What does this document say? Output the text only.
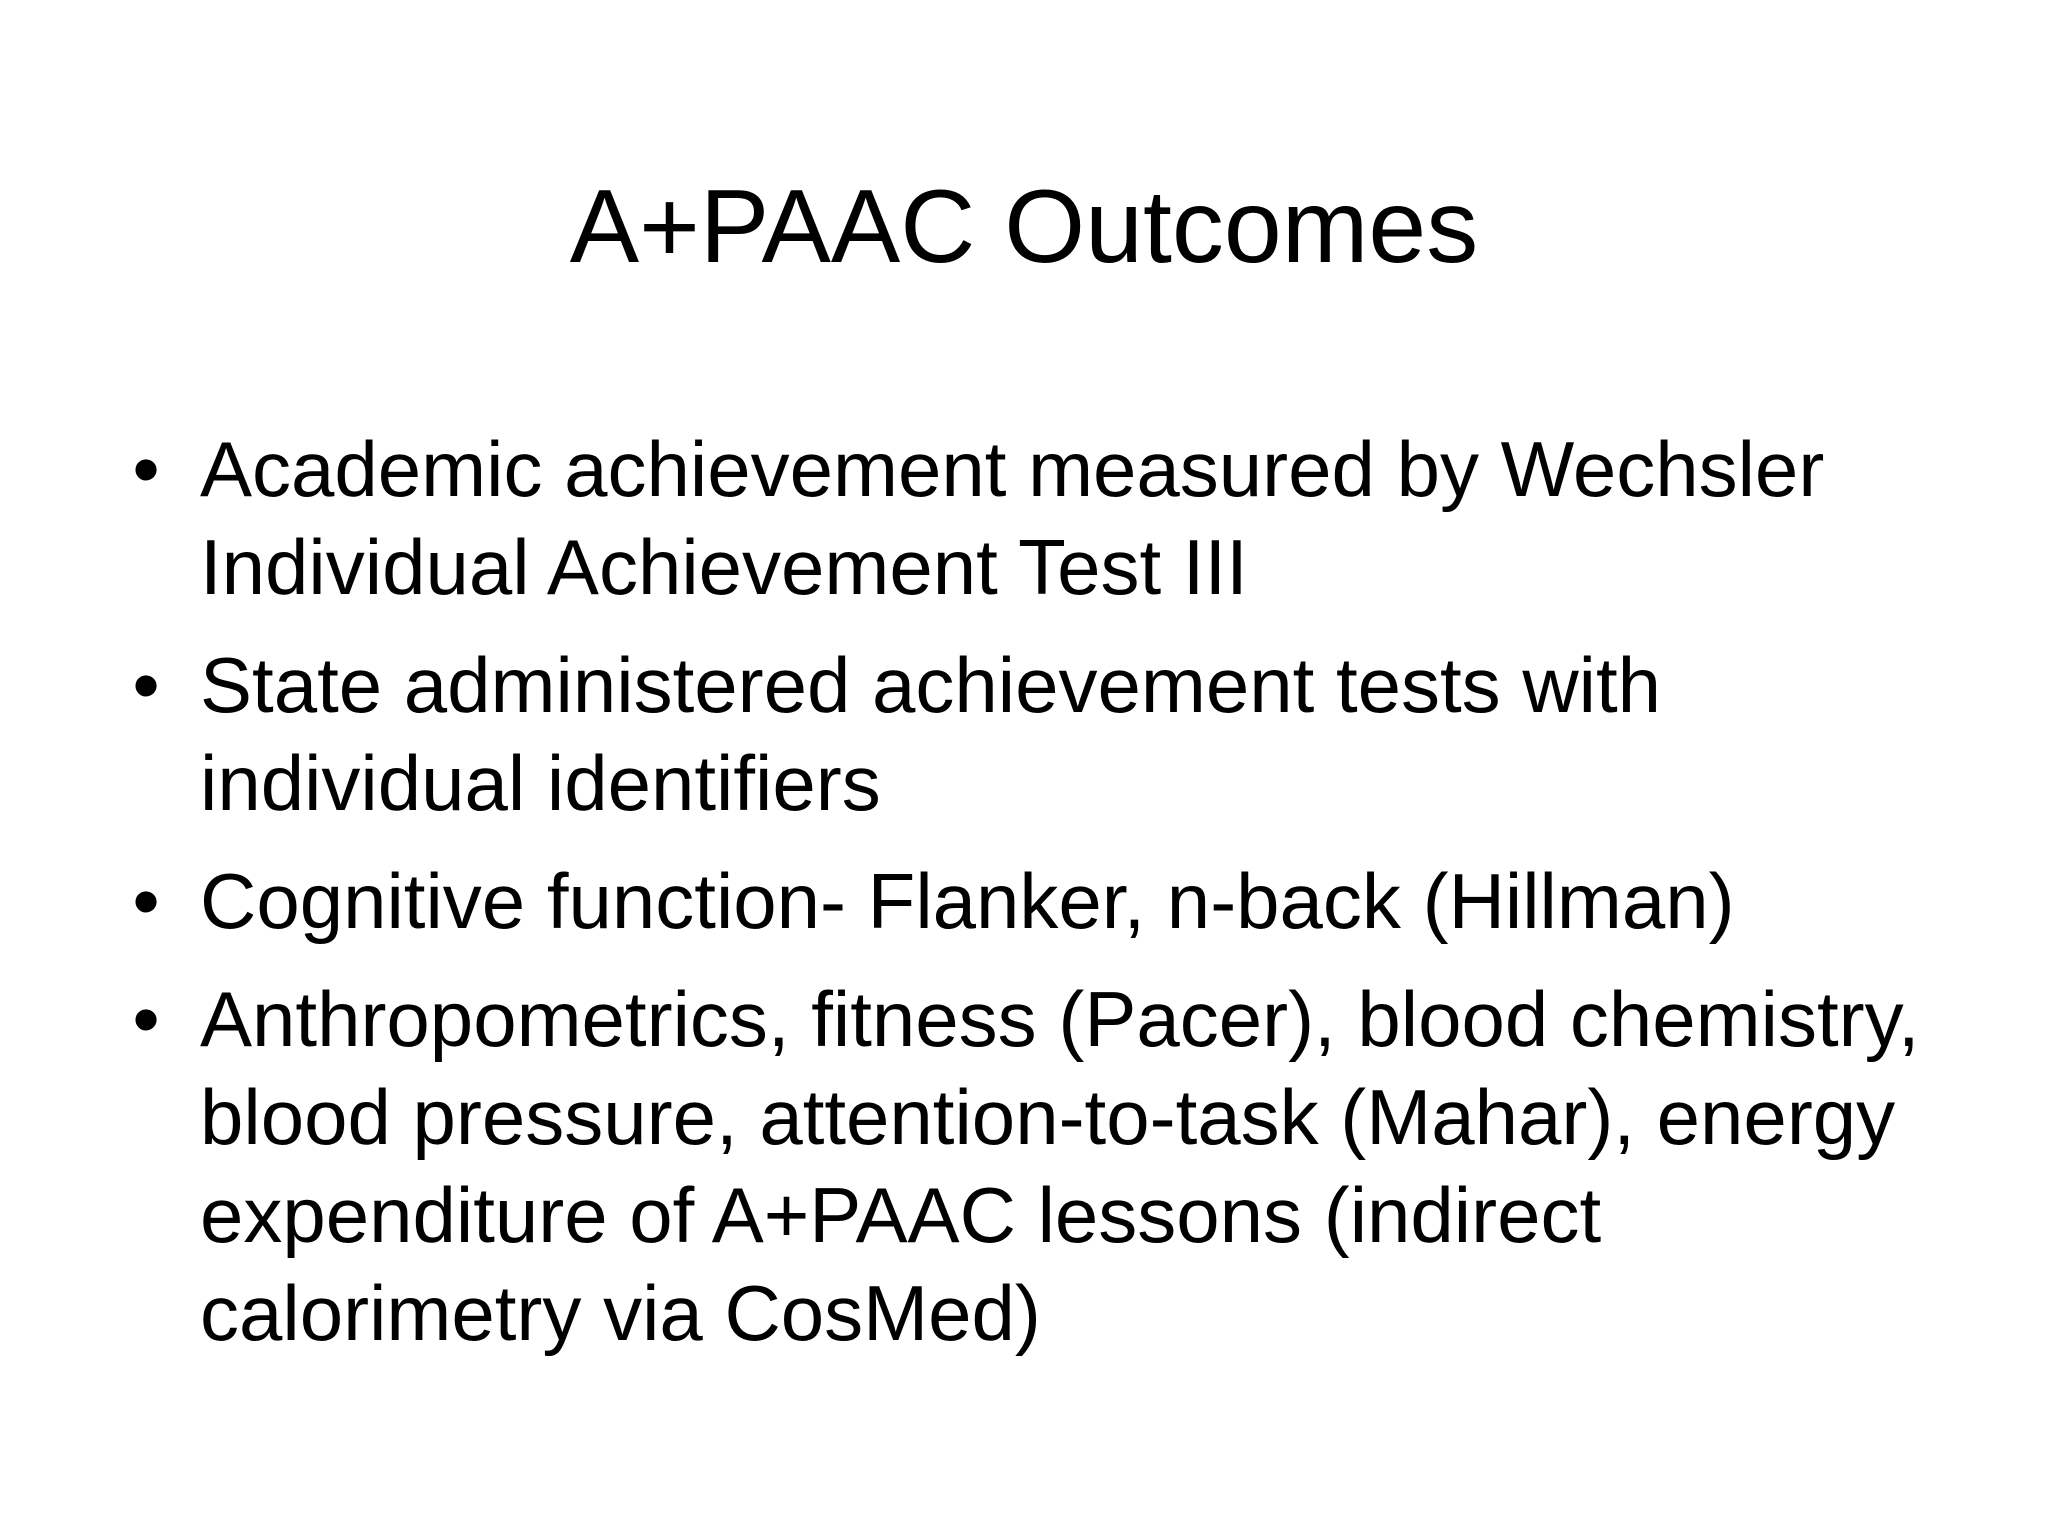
A+PAAC Outcomes
• Academic achievement measured by Wechsler Individual Achievement Test III
• State administered achievement tests with individual identifiers
• Cognitive function- Flanker, n-back (Hillman)
• Anthropometrics, fitness (Pacer), blood chemistry, blood pressure, attention-to-task (Mahar), energy expenditure of A+PAAC lessons (indirect calorimetry via CosMed)
